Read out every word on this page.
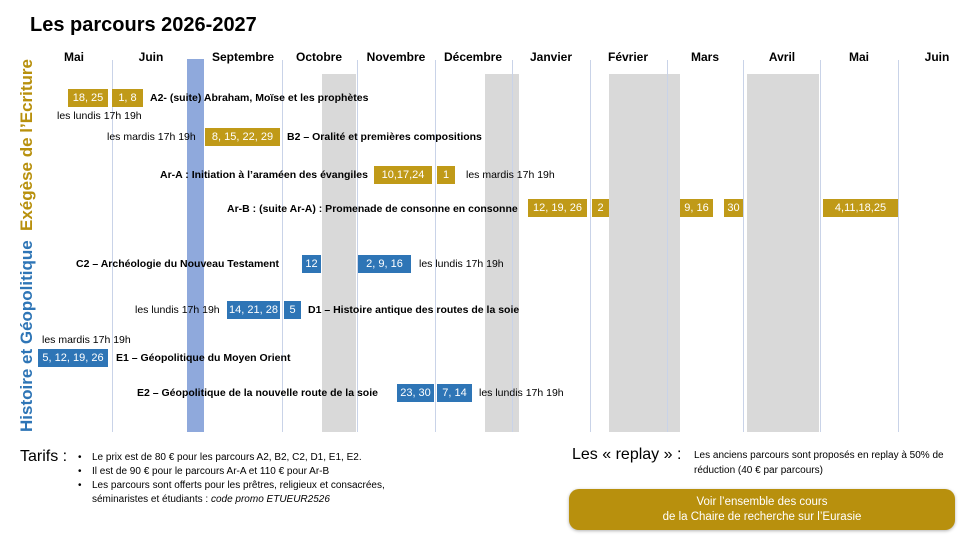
Les parcours 2026-2027
Mai	Juin	Septembre Octobre Novembre Décembre Janvier	Février	Mars	Avril	Mai	Juin
Exégèse de l’Ecriture
Histoire et Géopolitique
18, 25	1, 8	A2- (suite) Abraham, Moïse et les prophètes
les lundis 17h 19h
les mardis 17h 19h	8, 15, 22, 29	B2 – Oralité et premières compositions
Ar-A : Initiation à l’araméen des évangiles	10,17,24	1	les mardis 17h 19h
Ar-B : (suite Ar-A) : Promenade de consonne en consonne	12, 19, 26	2	9, 16	30	4,11,18,25
C2 – Archéologie du Nouveau Testament	12	2, 9, 16	les lundis 17h 19h
les lundis 17h 19h 14, 21, 28	5	D1 – Histoire antique des routes de la soie
les mardis 17h 19h
5, 12, 19, 26	E1 – Géopolitique du Moyen Orient
E2 – Géopolitique de la nouvelle route de la soie 23, 30	7, 14	les lundis 17h 19h
Tarifs :
•	Le prix est de 80 € pour les parcours A2, B2, C2, D1, E1, E2.
• Il est de 90 € pour le parcours Ar-A et 110 € pour Ar-B
• Les parcours sont offerts pour les prêtres, religieux et consacrées,
séminaristes et étudiants : code promo ETUEUR2526
Les « replay » : Les anciens parcours sont proposés en replay à 50% de réduction (40 € par parcours)
Voir l’ensemble des cours
de la Chaire de recherche sur l’Eurasie
